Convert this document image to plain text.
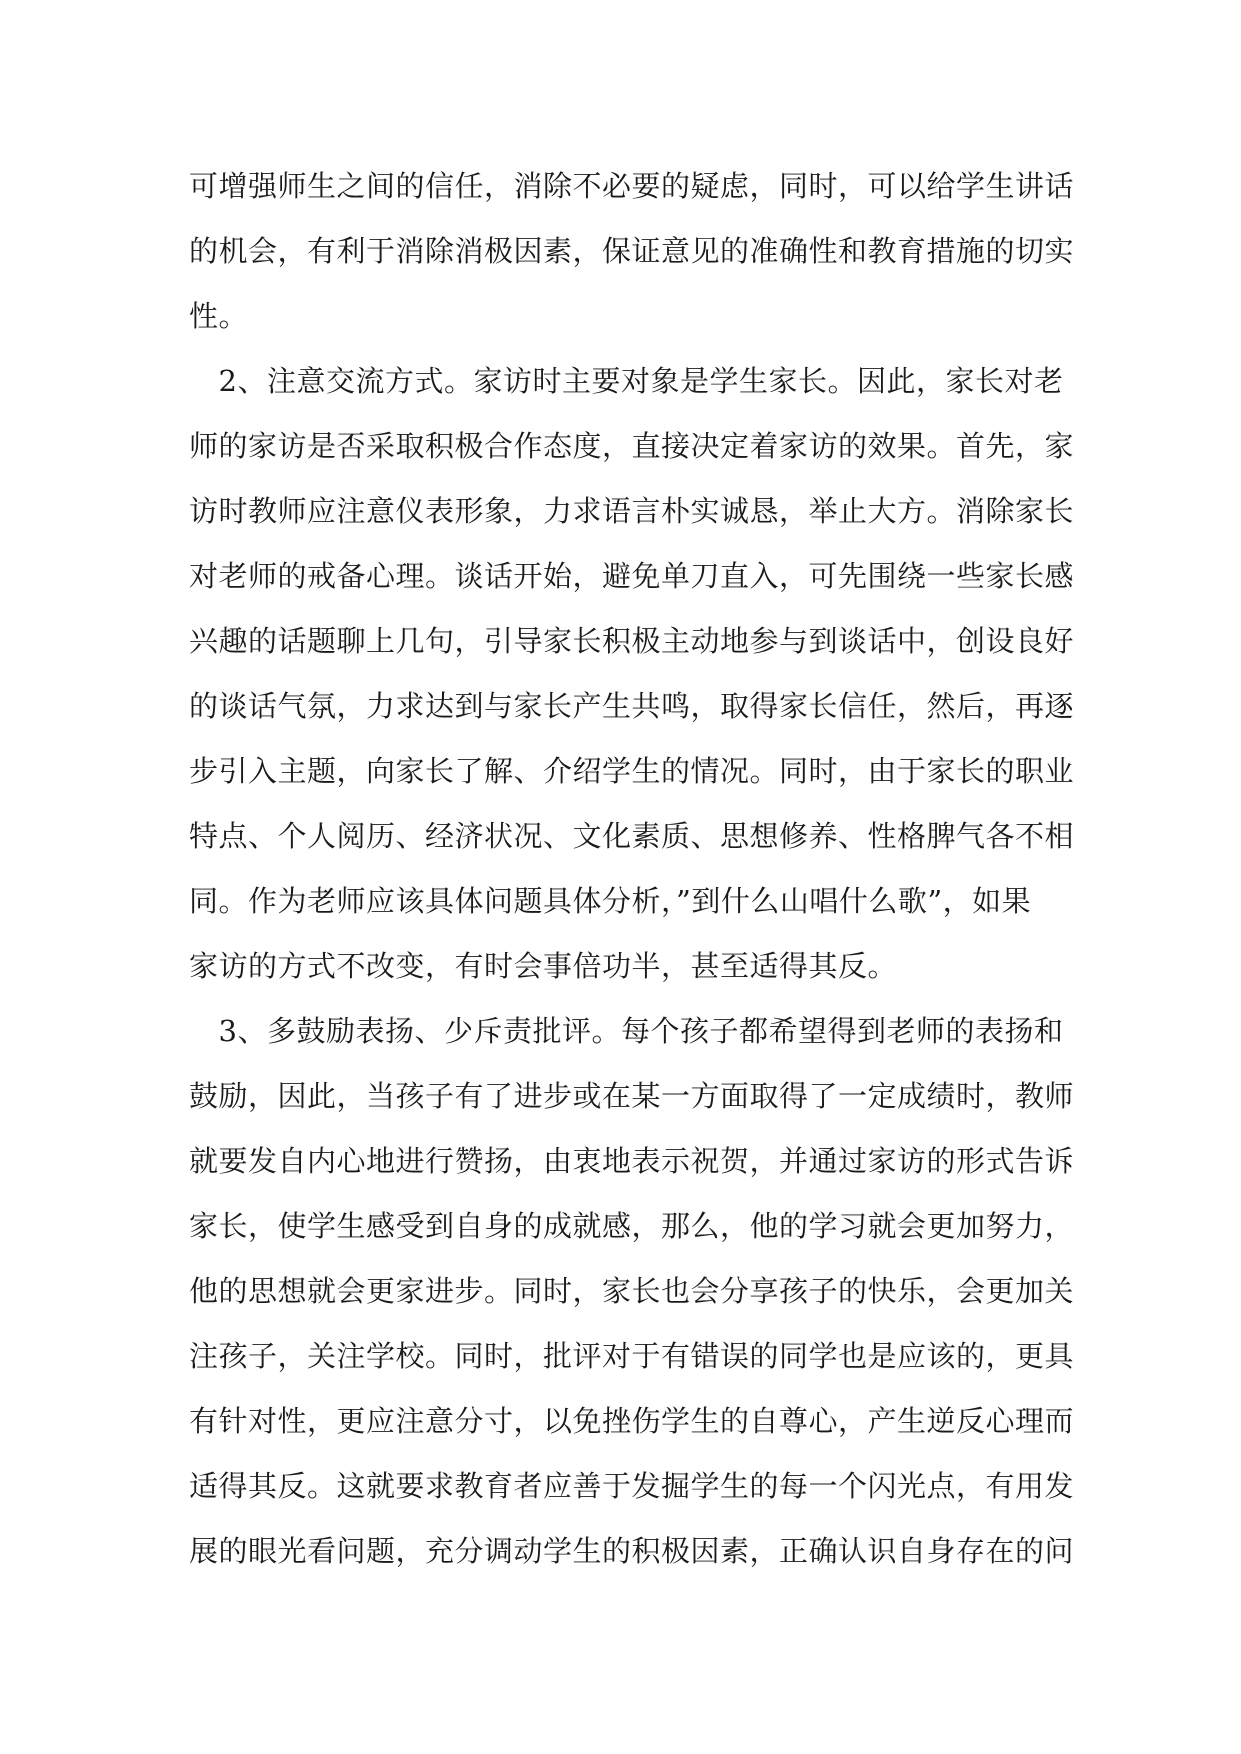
可增强师生之间的信任，消除不必要的疑虑，同时，可以给学生讲话
的机会，有利于消除消极因素，保证意见的准确性和教育措施的切实
性。
　2、注意交流方式。家访时主要对象是学生家长。因此，家长对老
师的家访是否采取积极合作态度，直接决定着家访的效果。首先，家
访时教师应注意仪表形象，力求语言朴实诚恳，举止大方。消除家长
对老师的戒备心理。谈话开始，避免单刀直入，可先围绕一些家长感
兴趣的话题聊上几句，引导家长积极主动地参与到谈话中，创设良好
的谈话气氛，力求达到与家长产生共鸣，取得家长信任，然后，再逐
步引入主题，向家长了解、介绍学生的情况。同时，由于家长的职业
特点、个人阅历、经济状况、文化素质、思想修养、性格脾气各不相
同。作为老师应该具体问题具体分析，”到什么山唱什么歌”，如果
家访的方式不改变，有时会事倍功半，甚至适得其反。
　3、多鼓励表扬、少斥责批评。每个孩子都希望得到老师的表扬和
鼓励，因此，当孩子有了进步或在某一方面取得了一定成绩时，教师
就要发自内心地进行赞扬，由衷地表示祝贺，并通过家访的形式告诉
家长，使学生感受到自身的成就感，那么，他的学习就会更加努力，
他的思想就会更家进步。同时，家长也会分享孩子的快乐，会更加关
注孩子，关注学校。同时，批评对于有错误的同学也是应该的，更具
有针对性，更应注意分寸，以免挫伤学生的自尊心，产生逆反心理而
适得其反。这就要求教育者应善于发掘学生的每一个闪光点，有用发
展的眼光看问题，充分调动学生的积极因素，正确认识自身存在的问
